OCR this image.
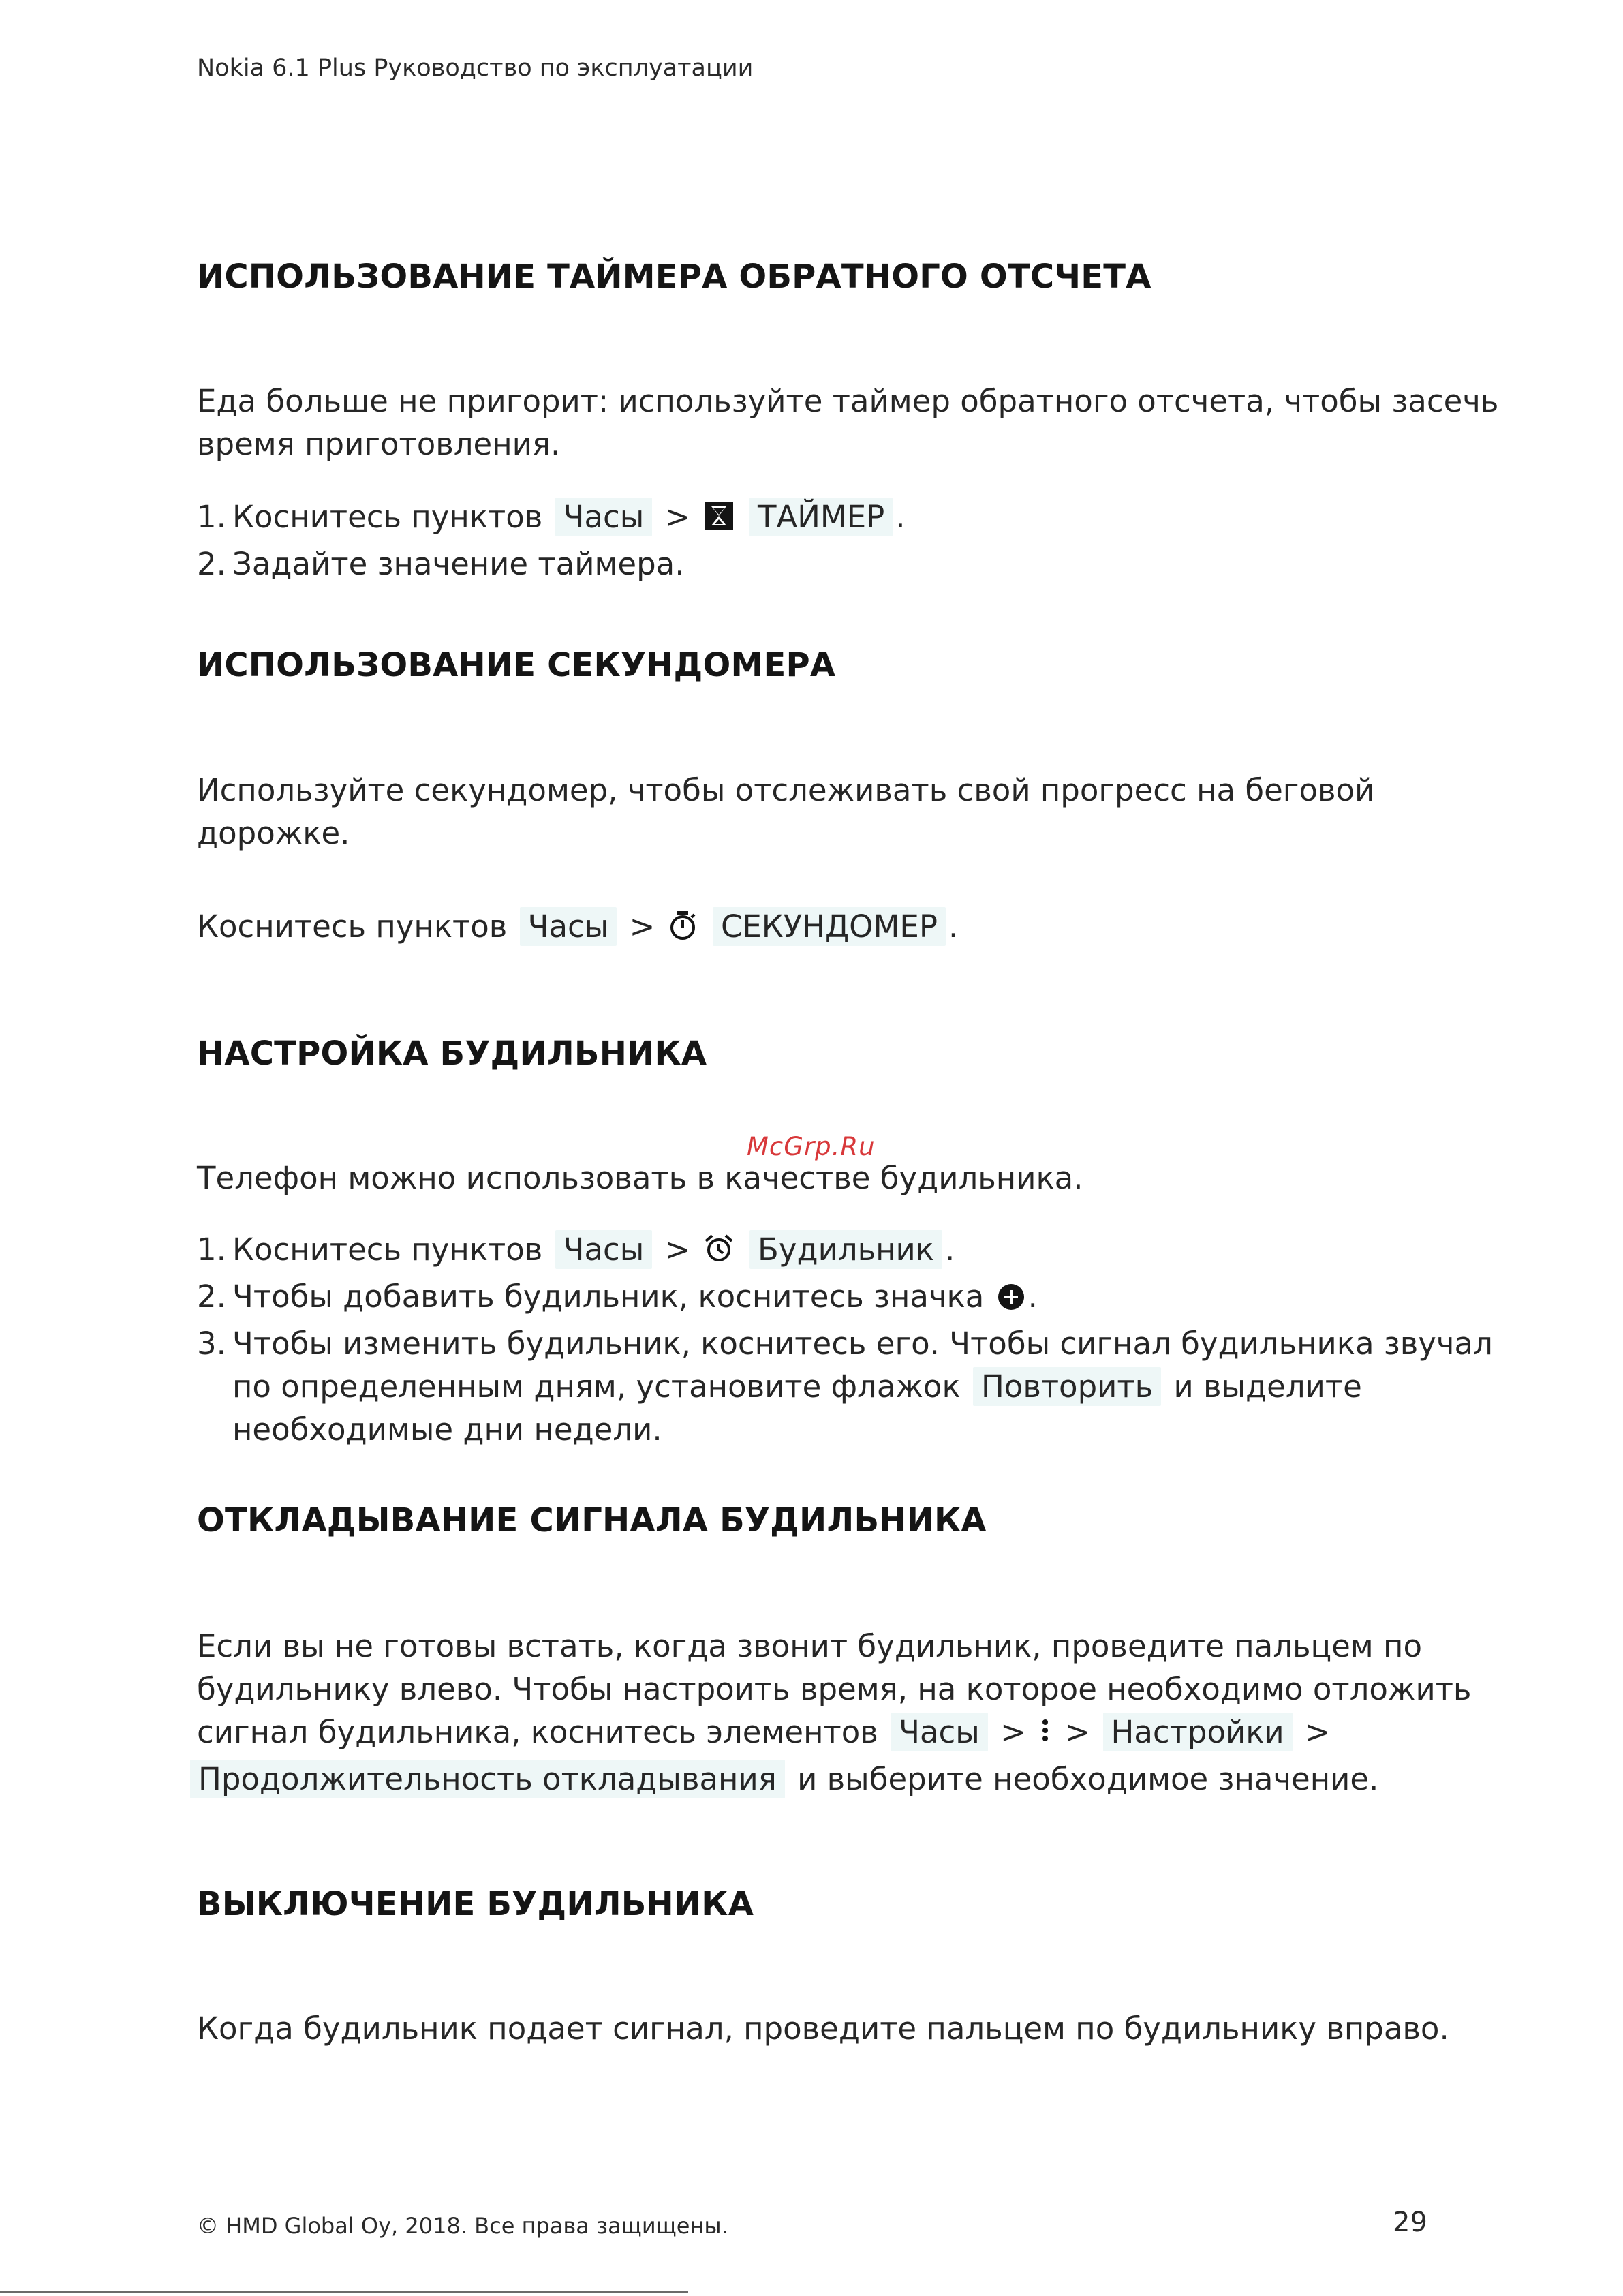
Nokia 6.1 Plus Руководство по эксплуатации
ИСПОЛЬЗОВАНИЕ ТАЙМЕРА ОБРАТНОГО ОТСЧЕТА
Еда больше не пригорит: используйте таймер обратного отсчета, чтобы засечь
время приготовления.
1. Коснитесь пунктов Часы > ТАЙМЕР .
2. Задайте значение таймера.
ИСПОЛЬЗОВАНИЕ СЕКУНДОМЕРА
Используйте секундомер, чтобы отслеживать свой прогресс на беговой
дорожке.
Коснитесь пунктов Часы > СЕКУНДОМЕР .
НАСТРОЙКА БУДИЛЬНИКА
McGrp.Ru
Телефон можно использовать в качестве будильника.
1. Коснитесь пунктов Часы > Будильник .
2. Чтобы добавить будильник, коснитесь значка .
3. Чтобы изменить будильник, коснитесь его. Чтобы сигнал будильника звучал
по определенным дням, установите флажок Повторить и выделите
необходимые дни недели.
ОТКЛАДЫВАНИЕ СИГНАЛА БУДИЛЬНИКА
Если вы не готовы встать, когда звонит будильник, проведите пальцем по
будильнику влево. Чтобы настроить время, на которое необходимо отложить
сигнал будильника, коснитесь элементов Часы > > Настройки >
Продолжительность откладывания и выберите необходимое значение.
ВЫКЛЮЧЕНИЕ БУДИЛЬНИКА
Когда будильник подает сигнал, проведите пальцем по будильнику вправо.
© HMD Global Oy, 2018. Все права защищены.	29
